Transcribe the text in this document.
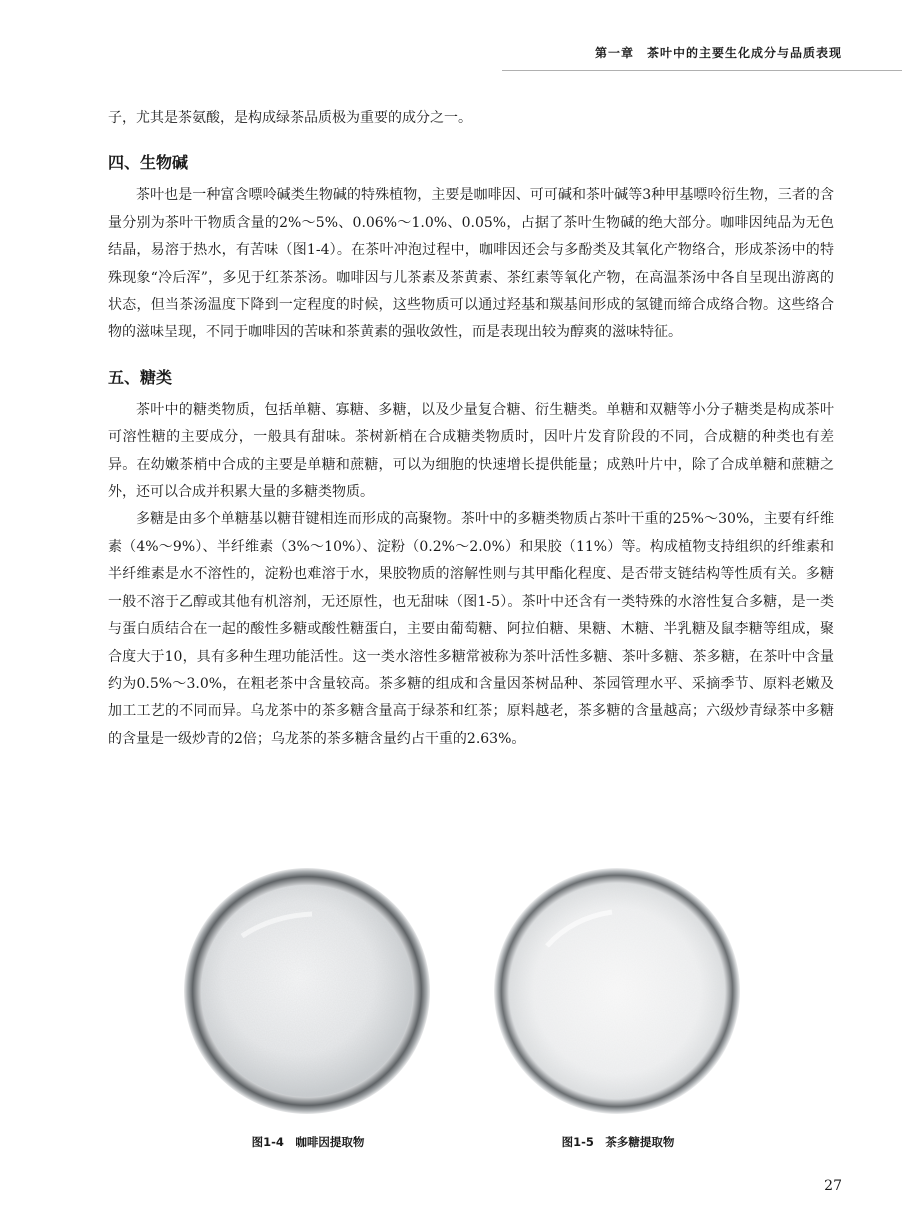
第一章　茶叶中的主要生化成分与品质表现

子，尤其是茶氨酸，是构成绿茶品质极为重要的成分之一。

四、生物碱

茶叶也是一种富含嘌呤碱类生物碱的特殊植物，主要是咖啡因、可可碱和茶叶碱等3种甲基嘌呤衍生物，三者的含量分别为茶叶干物质含量的2%～5%、0.06%～1.0%、0.05%，占据了茶叶生物碱的绝大部分。咖啡因纯品为无色结晶，易溶于热水，有苦味（图1-4）。在茶叶冲泡过程中，咖啡因还会与多酚类及其氧化产物络合，形成茶汤中的特殊现象“冷后浑”，多见于红茶茶汤。咖啡因与儿茶素及茶黄素、茶红素等氧化产物，在高温茶汤中各自呈现出游离的状态，但当茶汤温度下降到一定程度的时候，这些物质可以通过羟基和羰基间形成的氢键而缔合成络合物。这些络合物的滋味呈现，不同于咖啡因的苦味和茶黄素的强收敛性，而是表现出较为醇爽的滋味特征。

五、糖类

茶叶中的糖类物质，包括单糖、寡糖、多糖，以及少量复合糖、衍生糖类。单糖和双糖等小分子糖类是构成茶叶可溶性糖的主要成分，一般具有甜味。茶树新梢在合成糖类物质时，因叶片发育阶段的不同，合成糖的种类也有差异。在幼嫩茶梢中合成的主要是单糖和蔗糖，可以为细胞的快速增长提供能量；成熟叶片中，除了合成单糖和蔗糖之外，还可以合成并积累大量的多糖类物质。

多糖是由多个单糖基以糖苷键相连而形成的高聚物。茶叶中的多糖类物质占茶叶干重的25%～30%，主要有纤维素（4%～9%）、半纤维素（3%～10%）、淀粉（0.2%～2.0%）和果胶（11%）等。构成植物支持组织的纤维素和半纤维素是水不溶性的，淀粉也难溶于水，果胶物质的溶解性则与其甲酯化程度、是否带支链结构等性质有关。多糖一般不溶于乙醇或其他有机溶剂，无还原性，也无甜味（图1-5）。茶叶中还含有一类特殊的水溶性复合多糖，是一类与蛋白质结合在一起的酸性多糖或酸性糖蛋白，主要由葡萄糖、阿拉伯糖、果糖、木糖、半乳糖及鼠李糖等组成，聚合度大于10，具有多种生理功能活性。这一类水溶性多糖常被称为茶叶活性多糖、茶叶多糖、茶多糖，在茶叶中含量约为0.5%～3.0%，在粗老茶中含量较高。茶多糖的组成和含量因茶树品种、茶园管理水平、采摘季节、原料老嫩及加工工艺的不同而异。乌龙茶中的茶多糖含量高于绿茶和红茶；原料越老，茶多糖的含量越高；六级炒青绿茶中多糖的含量是一级炒青的2倍；乌龙茶的茶多糖含量约占干重的2.63%。

图1-4　咖啡因提取物	图1-5　茶多糖提取物
27
